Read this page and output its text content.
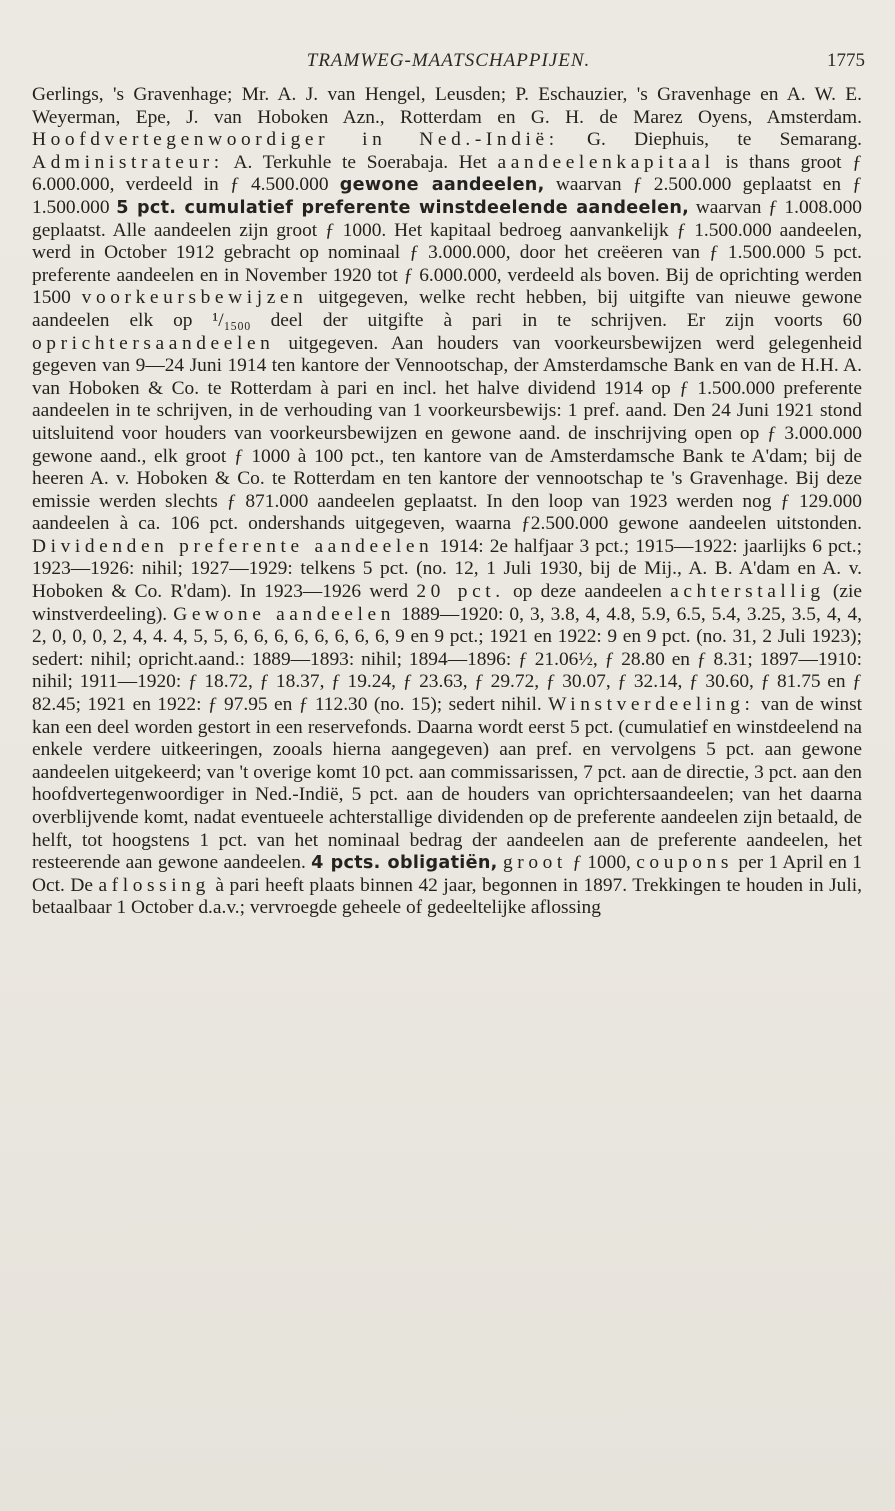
TRAMWEG-MAATSCHAPPIJEN.	1775

Gerlings, 's Gravenhage; Mr. A. J. van Hengel, Leusden; P. Eschauzier, 's Gravenhage en A. W. E. Weyerman, Epe, J. van Hoboken Azn., Rotterdam en G. H. de Marez Oyens, Amsterdam. Hoofdvertegenwoordiger in Ned.-Indië: G. Diephuis, te Semarang. Administrateur: A. Terkuhle te Soerabaja. Het aandeelenkapitaal is thans groot ƒ 6.000.000, verdeeld in ƒ 4.500.000 gewone aandeelen, waarvan ƒ 2.500.000 geplaatst en ƒ 1.500.000 5 pct. cumulatief preferente winstdeelende aandeelen, waarvan ƒ 1.008.000 geplaatst. Alle aandeelen zijn groot ƒ 1000. Het kapitaal bedroeg aanvankelijk ƒ 1.500.000 aandeelen, werd in October 1912 gebracht op nominaal ƒ 3.000.000, door het creëeren van ƒ 1.500.000 5 pct. preferente aandeelen en in November 1920 tot ƒ 6.000.000, verdeeld als boven. Bij de oprichting werden 1500 voorkeursbewijzen uitgegeven, welke recht hebben, bij uitgifte van nieuwe gewone aandeelen elk op ¹/₁₅₀₀ deel der uitgifte à pari in te schrijven. Er zijn voorts 60 oprichtersaandeelen uitgegeven. Aan houders van voorkeursbewijzen werd gelegenheid gegeven van 9—24 Juni 1914 ten kantore der Vennootschap, der Amsterdamsche Bank en van de H.H. A. van Hoboken & Co. te Rotterdam à pari en incl. het halve dividend 1914 op ƒ 1.500.000 preferente aandeelen in te schrijven, in de verhouding van 1 voorkeursbewijs: 1 pref. aand. Den 24 Juni 1921 stond uitsluitend voor houders van voorkeursbewijzen en gewone aand. de inschrijving open op ƒ 3.000.000 gewone aand., elk groot ƒ 1000 à 100 pct., ten kantore van de Amsterdamsche Bank te A'dam; bij de heeren A. v. Hoboken & Co. te Rotterdam en ten kantore der vennootschap te 's Gravenhage. Bij deze emissie werden slechts ƒ 871.000 aandeelen geplaatst. In den loop van 1923 werden nog ƒ 129.000 aandeelen à ca. 106 pct. ondershands uitgegeven, waarna ƒ2.500.000 gewone aandeelen uitstonden. Dividenden preferente aandeelen 1914: 2e halfjaar 3 pct.; 1915—1922: jaarlijks 6 pct.; 1923—1926: nihil; 1927—1929: telkens 5 pct. (no. 12, 1 Juli 1930, bij de Mij., A. B. A'dam en A. v. Hoboken & Co. R'dam). In 1923—1926 werd 20 pct. op deze aandeelen achterstallig (zie winstverdeeling). Gewone aandeelen 1889—1920: 0, 3, 3.8, 4, 4.8, 5.9, 6.5, 5.4, 3.25, 3.5, 4, 4, 2, 0, 0, 0, 2, 4, 4. 4, 5, 5, 6, 6, 6, 6, 6, 6, 6, 6, 9 en 9 pct.; 1921 en 1922: 9 en 9 pct. (no. 31, 2 Juli 1923); sedert: nihil; opricht.aand.: 1889—1893: nihil; 1894—1896: ƒ 21.06½, ƒ 28.80 en ƒ 8.31; 1897—1910: nihil; 1911—1920: ƒ 18.72, ƒ 18.37, ƒ 19.24, ƒ 23.63, ƒ 29.72, ƒ 30.07, ƒ 32.14, ƒ 30.60, ƒ 81.75 en ƒ 82.45; 1921 en 1922: ƒ 97.95 en ƒ 112.30 (no. 15); sedert nihil. Winstverdeeling: van de winst kan een deel worden gestort in een reservefonds. Daarna wordt eerst 5 pct. (cumulatief en winstdeelend na enkele verdere uitkeeringen, zooals hierna aangegeven) aan pref. en vervolgens 5 pct. aan gewone aandeelen uitgekeerd; van 't overige komt 10 pct. aan commissarissen, 7 pct. aan de directie, 3 pct. aan den hoofdvertegenwoordiger in Ned.-Indië, 5 pct. aan de houders van oprichtersaandeelen; van het daarna overblijvende komt, nadat eventueele achterstallige dividenden op de preferente aandeelen zijn betaald, de helft, tot hoogstens 1 pct. van het nominaal bedrag der aandeelen aan de preferente aandeelen, het resteerende aan gewone aandeelen. 4 pcts. obligatiën, groot ƒ 1000, coupons per 1 April en 1 Oct. De aflossing à pari heeft plaats binnen 42 jaar, begonnen in 1897. Trekkingen te houden in Juli, betaalbaar 1 October d.a.v.; vervroegde geheele of gedeeltelijke aflossing
